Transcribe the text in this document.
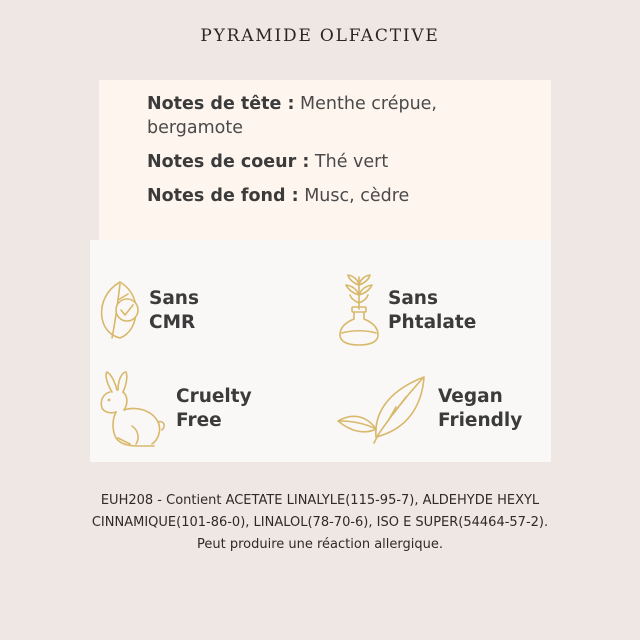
PYRAMIDE OLFACTIVE
Notes de tête : Menthe crépue,
bergamote
Notes de coeur : Thé vert
Notes de fond : Musc, cèdre
Sans
CMR
Sans
Phtalate
Cruelty
Free
Vegan
Friendly
EUH208 - Contient ACETATE LINALYLE(115-95-7), ALDEHYDE HEXYL
CINNAMIQUE(101-86-0), LINALOL(78-70-6), ISO E SUPER(54464-57-2).
Peut produire une réaction allergique.
